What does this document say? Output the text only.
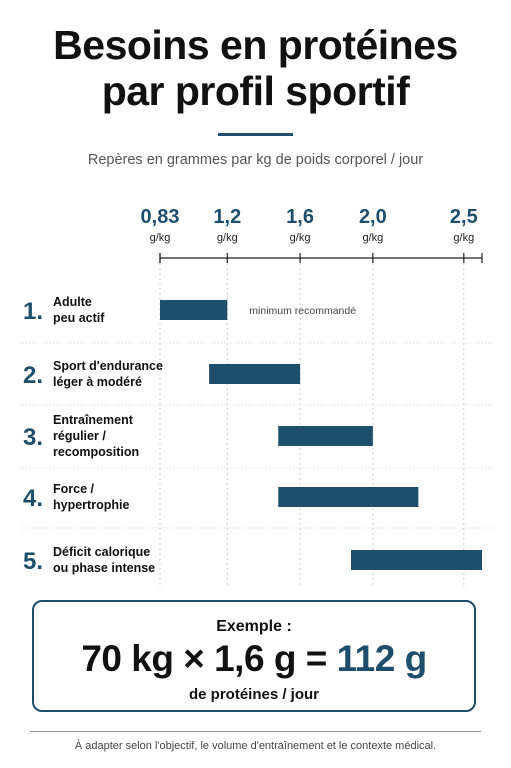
Besoins en protéines
par profil sportif
Repères en grammes par kg de poids corporel / jour
0,83
g/kg
1,2
g/kg
1,6
g/kg
2,0
g/kg
2,5
g/kg
1. Adulte
peu actif	minimum recommandé
2. Sport d'endurance
léger à modéré
3.
Entraînement
régulier /
recomposition
4. Force /
hypertrophie
5. Déficit calorique
ou phase intense
Exemple :
70 kg × 1,6 g = 112 g
de protéines / jour
À adapter selon l'objectif, le volume d'entraînement et le contexte médical.
